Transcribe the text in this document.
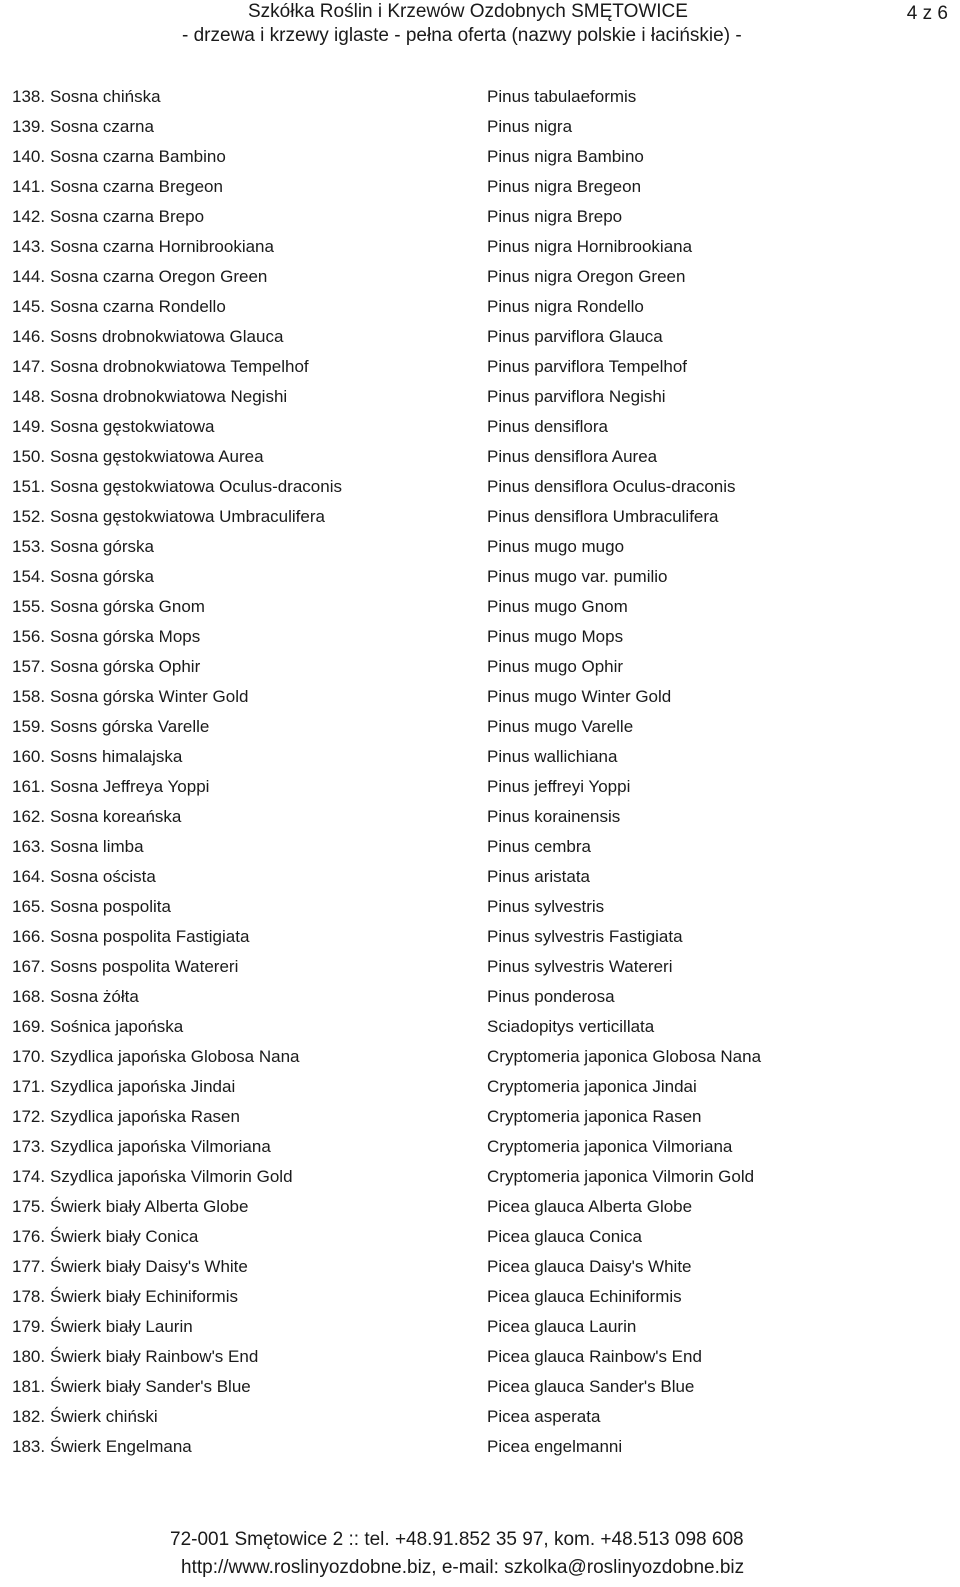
Szkółka Roślin i Krzewów Ozdobnych SMĘTOWICE
- drzewa i krzewy iglaste - pełna oferta (nazwy polskie i łacińskie) -
4 z 6
138. Sosna chińska	Pinus tabulaeformis
139. Sosna czarna	Pinus nigra
140. Sosna czarna Bambino	Pinus nigra Bambino
141. Sosna czarna Bregeon	Pinus nigra Bregeon
142. Sosna czarna Brepo	Pinus nigra Brepo
143. Sosna czarna Hornibrookiana	Pinus nigra Hornibrookiana
144. Sosna czarna Oregon Green	Pinus nigra Oregon Green
145. Sosna czarna Rondello	Pinus nigra Rondello
146. Sosns drobnokwiatowa Glauca	Pinus parviflora Glauca
147. Sosna drobnokwiatowa Tempelhof	Pinus parviflora Tempelhof
148. Sosna drobnokwiatowa Negishi	Pinus parviflora Negishi
149. Sosna gęstokwiatowa	Pinus densiflora
150. Sosna gęstokwiatowa Aurea	Pinus densiflora Aurea
151. Sosna gęstokwiatowa Oculus-draconis	Pinus densiflora Oculus-draconis
152. Sosna gęstokwiatowa Umbraculifera	Pinus densiflora Umbraculifera
153. Sosna górska	Pinus mugo mugo
154. Sosna górska	Pinus mugo var. pumilio
155. Sosna górska Gnom	Pinus mugo Gnom
156. Sosna górska Mops	Pinus mugo Mops
157. Sosna górska Ophir	Pinus mugo Ophir
158. Sosna górska Winter Gold	Pinus mugo Winter Gold
159. Sosns górska Varelle	Pinus mugo Varelle
160. Sosns himalajska	Pinus wallichiana
161. Sosna Jeffreya Yoppi	Pinus jeffreyi Yoppi
162. Sosna koreańska	Pinus korainensis
163. Sosna limba	Pinus cembra
164. Sosna oścista	Pinus aristata
165. Sosna pospolita	Pinus sylvestris
166. Sosna pospolita Fastigiata	Pinus sylvestris Fastigiata
167. Sosns pospolita Watereri	Pinus sylvestris Watereri
168. Sosna żółta	Pinus ponderosa
169. Sośnica japońska	Sciadopitys verticillata
170. Szydlica japońska Globosa Nana	Cryptomeria japonica Globosa Nana
171. Szydlica japońska Jindai	Cryptomeria japonica Jindai
172. Szydlica japońska Rasen	Cryptomeria japonica Rasen
173. Szydlica japońska Vilmoriana	Cryptomeria japonica Vilmoriana
174. Szydlica japońska Vilmorin Gold	Cryptomeria japonica Vilmorin Gold
175. Świerk biały Alberta Globe	Picea glauca Alberta Globe
176. Świerk biały Conica	Picea glauca Conica
177. Świerk biały Daisy's White	Picea glauca Daisy's White
178. Świerk biały Echiniformis	Picea glauca Echiniformis
179. Świerk biały Laurin	Picea glauca Laurin
180. Świerk biały Rainbow's End	Picea glauca Rainbow's End
181. Świerk biały Sander's Blue	Picea glauca Sander's Blue
182. Świerk chiński	Picea asperata
183. Świerk Engelmana	Picea engelmanni
72-001 Smętowice 2 :: tel. +48.91.852 35 97, kom. +48.513 098 608
http://www.roslinyozdobne.biz, e-mail: szkolka@roslinyozdobne.biz
